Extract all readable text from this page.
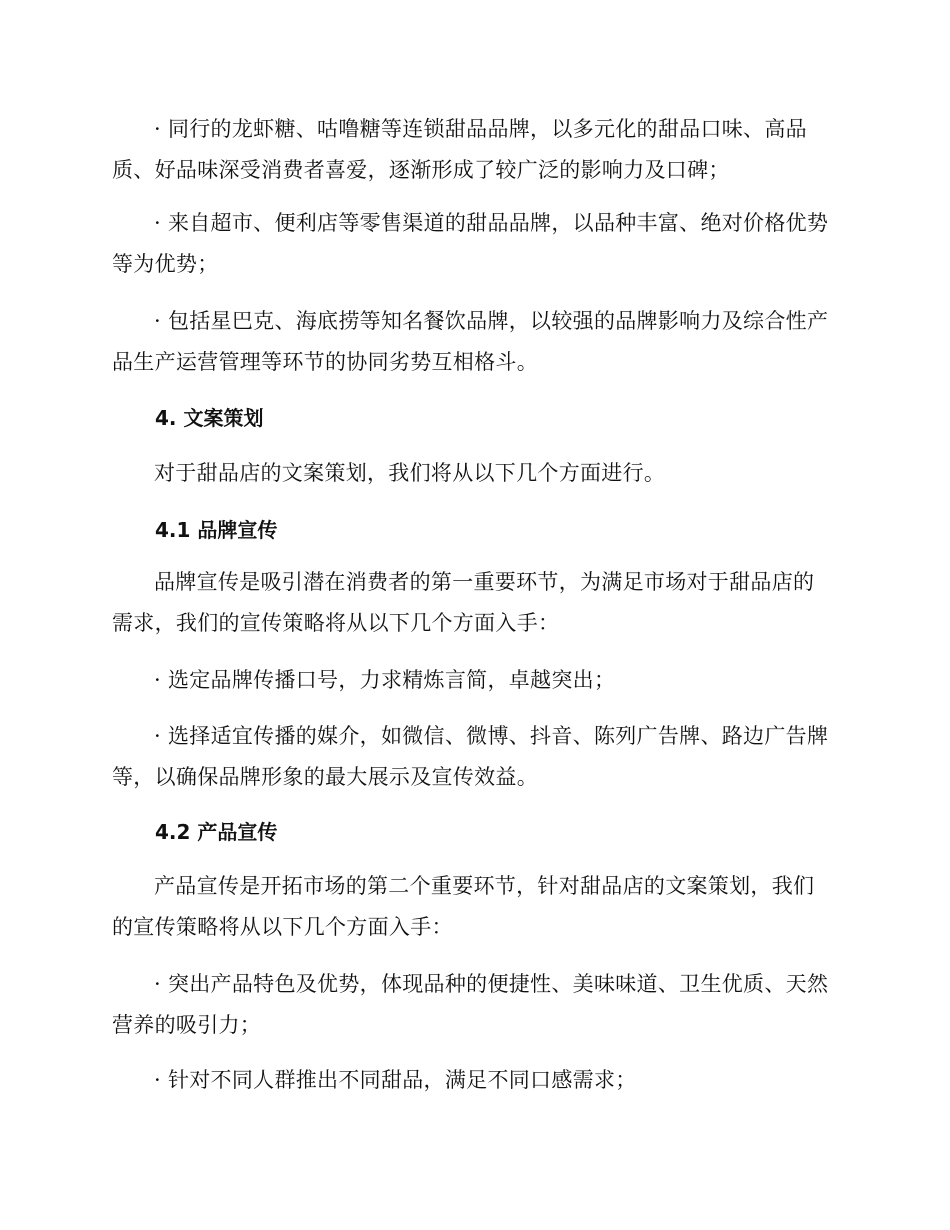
· 同行的龙虾糖、咕噜糖等连锁甜品品牌，以多元化的甜品口味、高品质、好品味深受消费者喜爱，逐渐形成了较广泛的影响力及口碑；

· 来自超市、便利店等零售渠道的甜品品牌，以品种丰富、绝对价格优势等为优势；

· 包括星巴克、海底捞等知名餐饮品牌，以较强的品牌影响力及综合性产品生产运营管理等环节的协同劣势互相格斗。

4. 文案策划

对于甜品店的文案策划，我们将从以下几个方面进行。

4.1 品牌宣传

品牌宣传是吸引潜在消费者的第一重要环节，为满足市场对于甜品店的需求，我们的宣传策略将从以下几个方面入手：

· 选定品牌传播口号，力求精炼言简，卓越突出；

· 选择适宜传播的媒介，如微信、微博、抖音、陈列广告牌、路边广告牌等，以确保品牌形象的最大展示及宣传效益。

4.2 产品宣传

产品宣传是开拓市场的第二个重要环节，针对甜品店的文案策划，我们的宣传策略将从以下几个方面入手：

· 突出产品特色及优势，体现品种的便捷性、美味味道、卫生优质、天然营养的吸引力；

· 针对不同人群推出不同甜品，满足不同口感需求；
